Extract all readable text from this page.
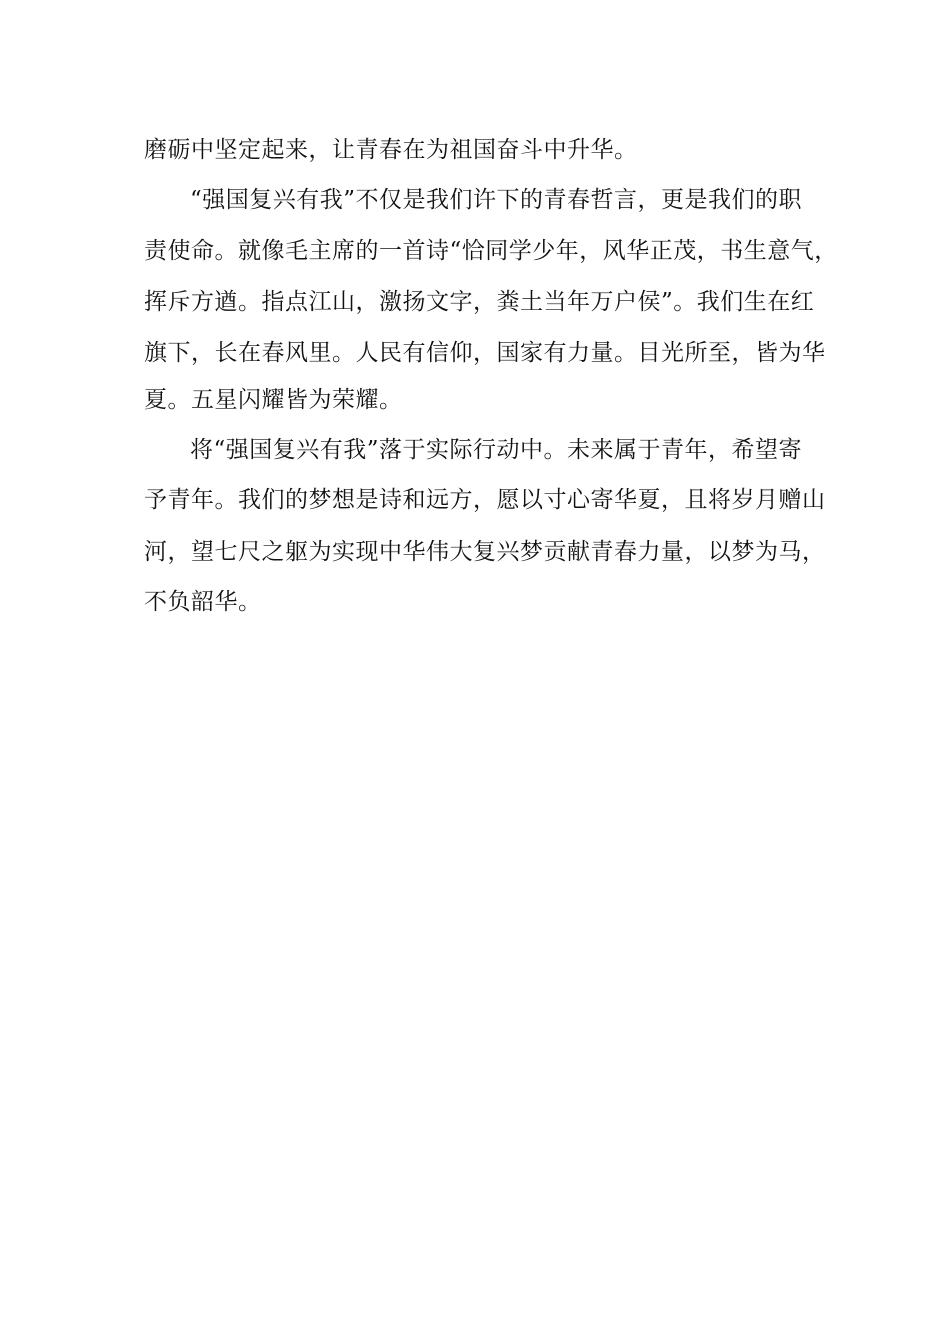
磨砺中坚定起来，让青春在为祖国奋斗中升华。
“强国复兴有我”不仅是我们许下的青春哲言，更是我们的职
责使命。就像毛主席的一首诗“恰同学少年，风华正茂，书生意气，
挥斥方遒。指点江山，激扬文字，粪土当年万户侯”。我们生在红
旗下，长在春风里。人民有信仰，国家有力量。目光所至，皆为华
夏。五星闪耀皆为荣耀。
将“强国复兴有我”落于实际行动中。未来属于青年，希望寄
予青年。我们的梦想是诗和远方，愿以寸心寄华夏，且将岁月赠山
河，望七尺之躯为实现中华伟大复兴梦贡献青春力量，以梦为马，
不负韶华。
